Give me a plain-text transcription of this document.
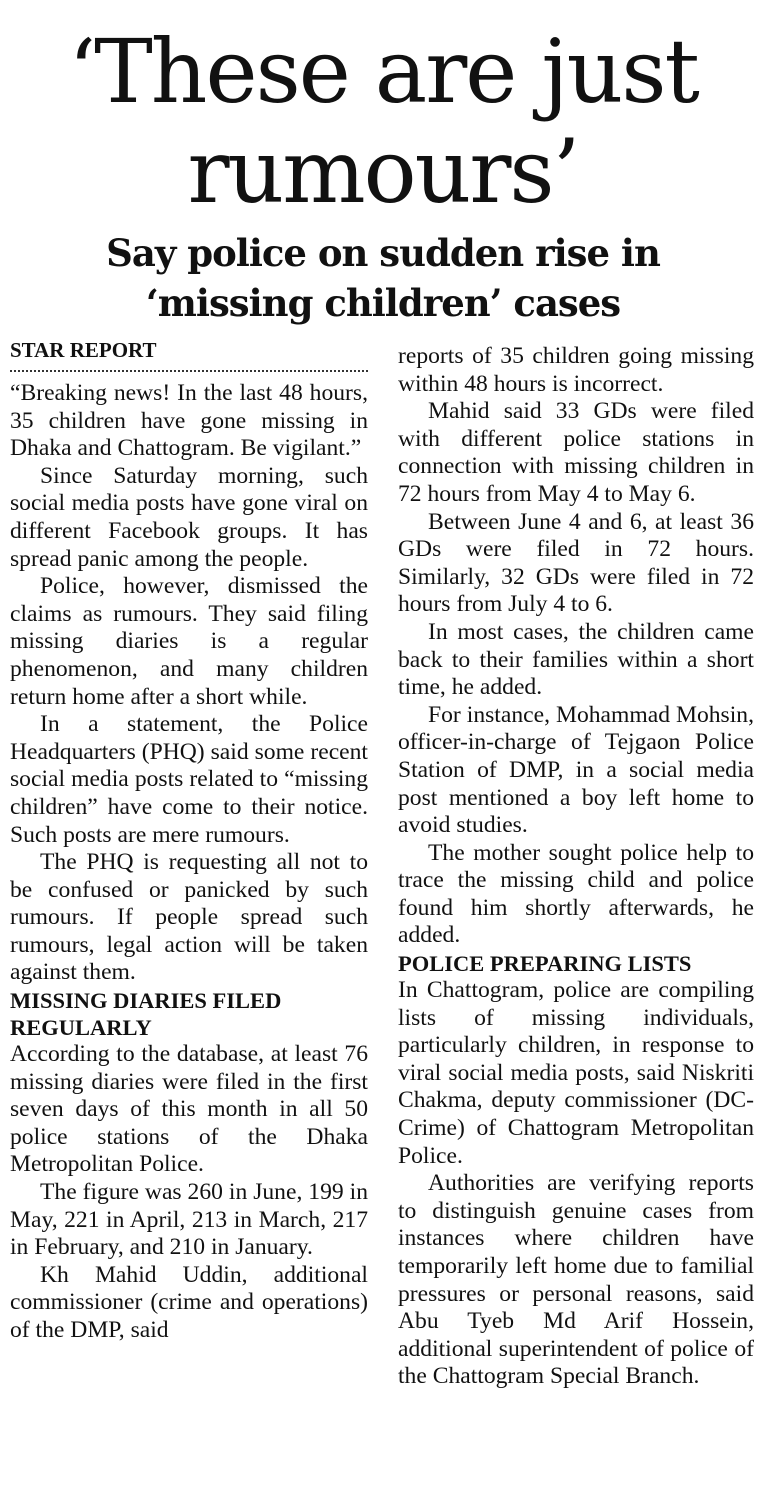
‘These are just
rumours’
Say police on sudden rise in
‘missing children’ cases
STAR REPORT

“Breaking news! In the last 48 hours, 35 children have gone missing in Dhaka and Chattogram. Be vigilant.”

Since Saturday morning, such social media posts have gone viral on different Facebook groups. It has spread panic among the people.

Police, however, dismissed the claims as rumours. They said filing missing diaries is a regular phenomenon, and many children return home after a short while.

In a statement, the Police Headquarters (PHQ) said some recent social media posts related to “missing children” have come to their notice. Such posts are mere rumours.

The PHQ is requesting all not to be confused or panicked by such rumours. If people spread such rumours, legal action will be taken against them.

MISSING DIARIES FILED REGULARLY

According to the database, at least 76 missing diaries were filed in the first seven days of this month in all 50 police stations of the Dhaka Metropolitan Police.

The figure was 260 in June, 199 in May, 221 in April, 213 in March, 217 in February, and 210 in January.

Kh Mahid Uddin, additional commissioner (crime and operations) of the DMP, said

reports of 35 children going missing within 48 hours is incorrect.

Mahid said 33 GDs were filed with different police stations in connection with missing children in 72 hours from May 4 to May 6.

Between June 4 and 6, at least 36 GDs were filed in 72 hours. Similarly, 32 GDs were filed in 72 hours from July 4 to 6.

In most cases, the children came back to their families within a short time, he added.

For instance, Mohammad Mohsin, officer-in-charge of Tejgaon Police Station of DMP, in a social media post mentioned a boy left home to avoid studies.

The mother sought police help to trace the missing child and police found him shortly afterwards, he added.

POLICE PREPARING LISTS

In Chattogram, police are compiling lists of missing individuals, particularly children, in response to viral social media posts, said Niskriti Chakma, deputy commissioner (DC-Crime) of Chattogram Metropolitan Police.

Authorities are verifying reports to distinguish genuine cases from instances where children have temporarily left home due to familial pressures or personal reasons, said Abu Tyeb Md Arif Hossein, additional superintendent of police of the Chattogram Special Branch.
